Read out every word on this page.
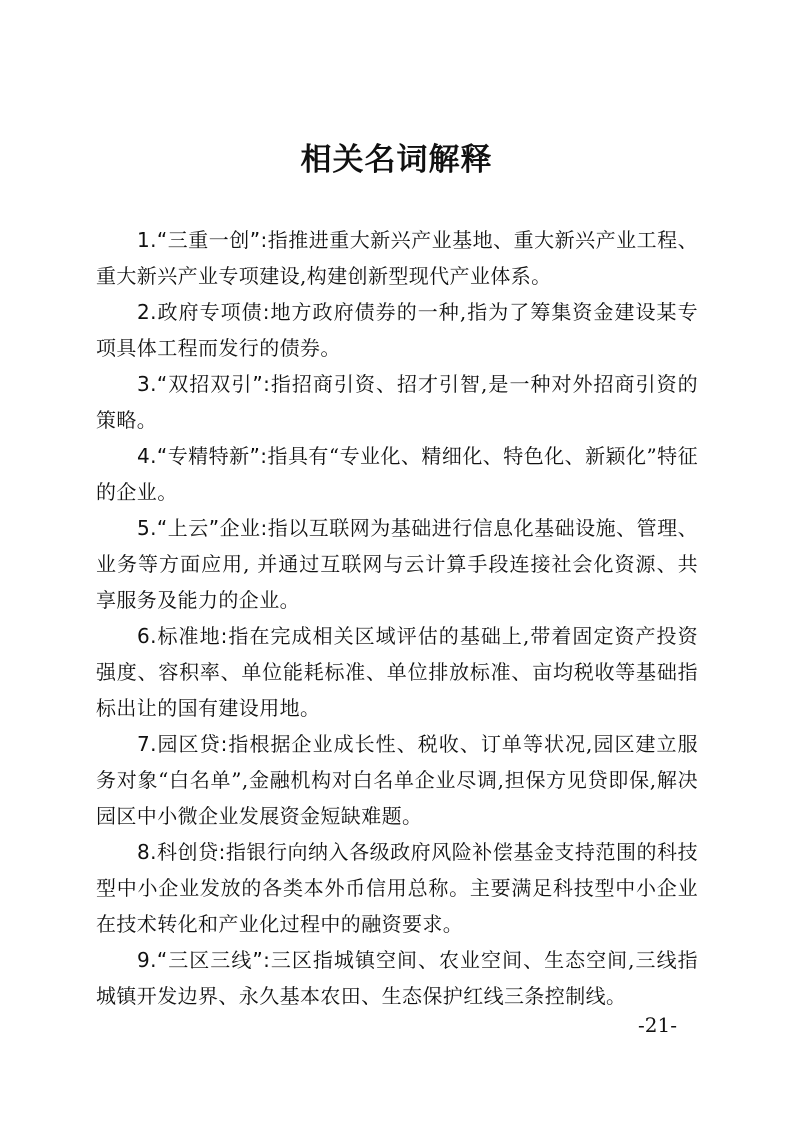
相关名词解释

1.“三重一创”:指推进重大新兴产业基地、重大新兴产业工程、重大新兴产业专项建设,构建创新型现代产业体系。

2.政府专项债:地方政府债券的一种,指为了筹集资金建设某专项具体工程而发行的债券。

3.“双招双引”:指招商引资、招才引智,是一种对外招商引资的策略。

4.“专精特新”:指具有“专业化、精细化、特色化、新颖化”特征的企业。

5.“上云”企业:指以互联网为基础进行信息化基础设施、管理、业务等方面应用, 并通过互联网与云计算手段连接社会化资源、共享服务及能力的企业。

6.标准地:指在完成相关区域评估的基础上,带着固定资产投资强度、容积率、单位能耗标准、单位排放标准、亩均税收等基础指标出让的国有建设用地。

7.园区贷:指根据企业成长性、税收、订单等状况,园区建立服务对象“白名单”,金融机构对白名单企业尽调,担保方见贷即保,解决园区中小微企业发展资金短缺难题。

8.科创贷:指银行向纳入各级政府风险补偿基金支持范围的科技型中小企业发放的各类本外币信用总称。主要满足科技型中小企业在技术转化和产业化过程中的融资要求。

9.“三区三线”:三区指城镇空间、农业空间、生态空间,三线指城镇开发边界、永久基本农田、生态保护红线三条控制线。

-21-
